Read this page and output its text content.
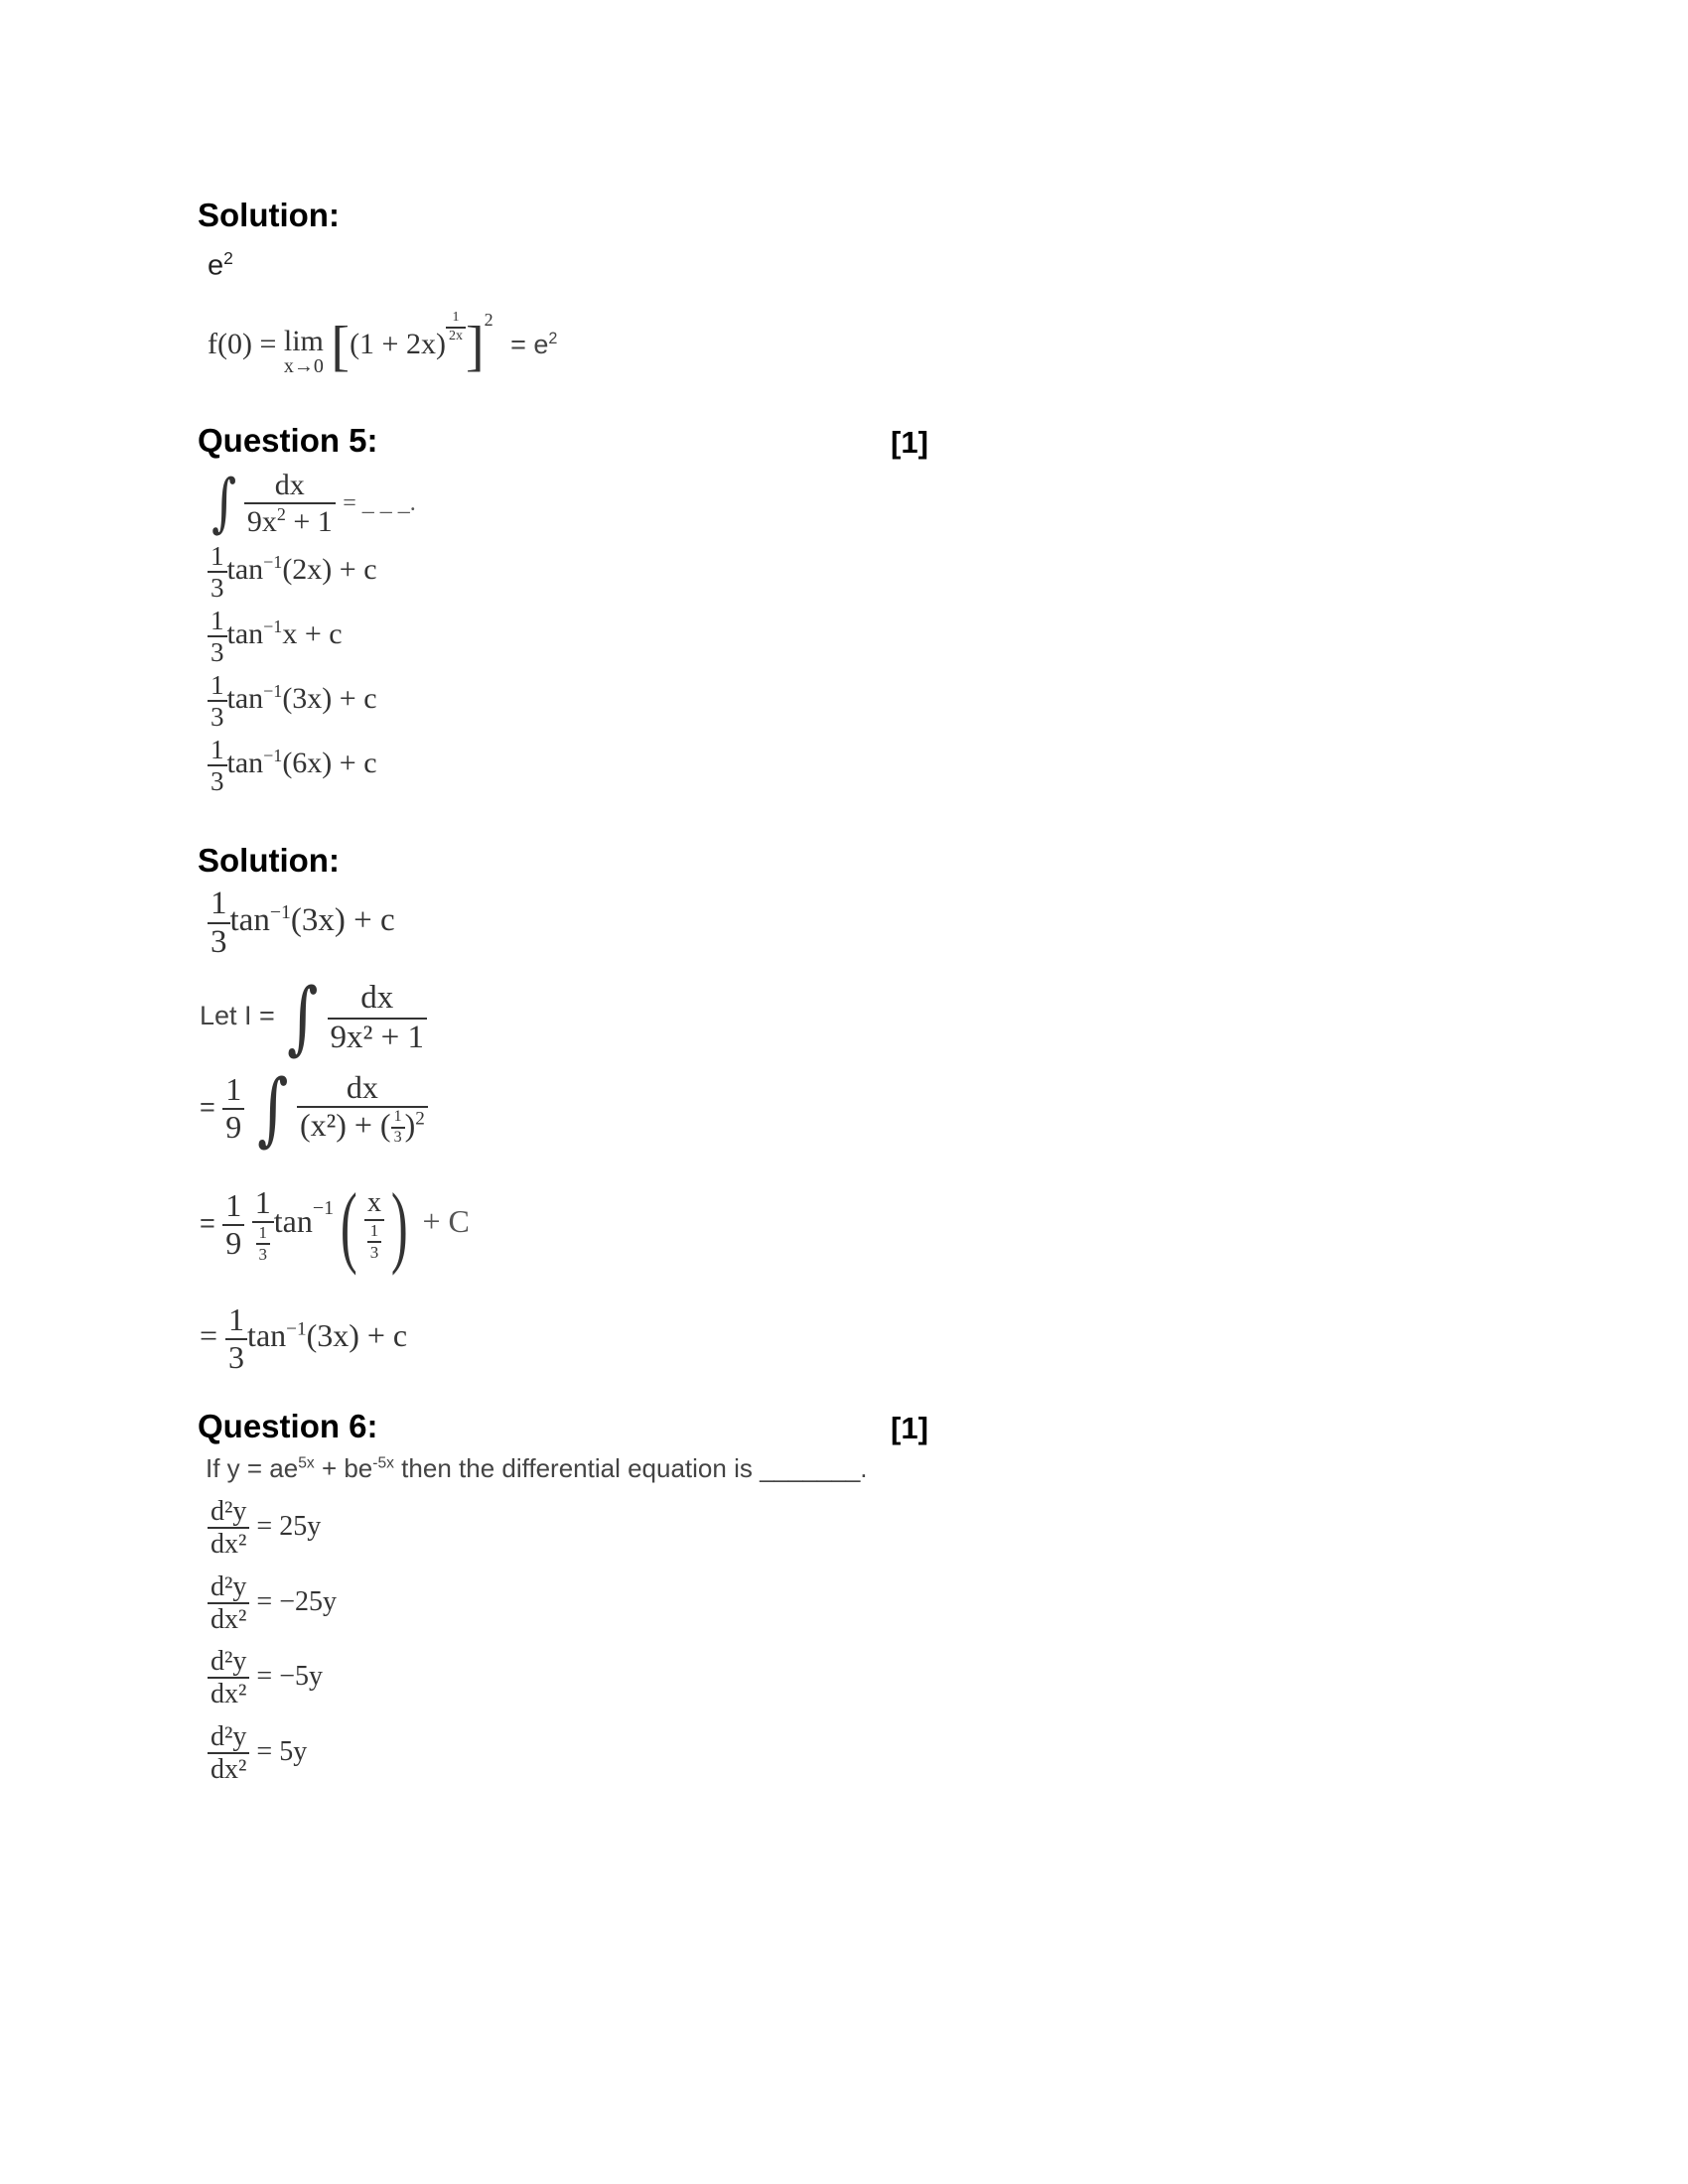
Solution:
$e^2$
f(0) = lim
x→0 [(1 + 2x)
$\frac{1}{2x} ]^2 = e^2$
Question 5:	[1]
∫ $\frac{dx}{9x^2 + 1}$ = _ _ _.
$\frac{1}{3} \tan^{-1}(2x) + c$
$\frac{1}{3} \tan^{-1}x + c$
$\frac{1}{3} \tan^{-1}(3x) + c$
$\frac{1}{3} \tan^{-1}(6x) + c$
Solution:
$\frac{1}{3} \tan^{-1}(3x) + c$
Let I = ∫ $\frac{dx}{\text{9x² + 1}}$
= $\frac{1}{9}$ ∫ $\frac{dx}{(x^2) + ( \frac{1}{3} )^2}$
= $\frac{1}{9}$
$\frac{1}{\frac{1}{3}} \tan^{-1}( \frac{x}{\frac{1}{3}}$ ) + C
= $\frac{1}{3} \tan^{-1}(3x) + c$
Question 6:	[1]
If $y = ae^{5x} + be^{-5x}$ then the differential equation is _______.
$\frac{\text{d²y}}{\text{dx²}} = 25y$
$\frac{\text{d²y}}{\text{dx²}} = -25y$
$\frac{\text{d²y}}{\text{dx²}} = -5y$
$\frac{\text{d²y}}{\text{dx²}} = 5y$
